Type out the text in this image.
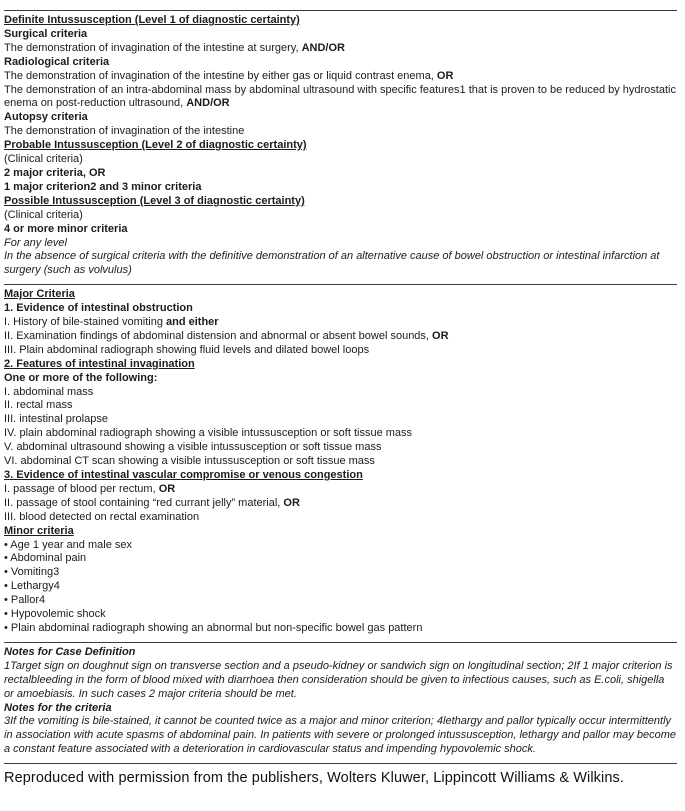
Definite Intussusception (Level 1 of diagnostic certainty)
Surgical criteria
The demonstration of invagination of the intestine at surgery, AND/OR
Radiological criteria
The demonstration of invagination of the intestine by either gas or liquid contrast enema, OR
The demonstration of an intra-abdominal mass by abdominal ultrasound with specific features1 that is proven to be reduced by hydrostatic enema on post-reduction ultrasound, AND/OR
Autopsy criteria
The demonstration of invagination of the intestine
Probable Intussusception (Level 2 of diagnostic certainty)
(Clinical criteria)
2 major criteria, OR
1 major criterion2 and 3 minor criteria
Possible Intussusception (Level 3 of diagnostic certainty)
(Clinical criteria)
4 or more minor criteria
For any level
In the absence of surgical criteria with the definitive demonstration of an alternative cause of bowel obstruction or intestinal infarction at surgery (such as volvulus)
Major Criteria
1. Evidence of intestinal obstruction
I. History of bile-stained vomiting and either
II. Examination findings of abdominal distension and abnormal or absent bowel sounds, OR
III. Plain abdominal radiograph showing fluid levels and dilated bowel loops
2. Features of intestinal invagination
One or more of the following:
I. abdominal mass
II. rectal mass
III. intestinal prolapse
IV. plain abdominal radiograph showing a visible intussusception or soft tissue mass
V. abdominal ultrasound showing a visible intussusception or soft tissue mass
VI. abdominal CT scan showing a visible intussusception or soft tissue mass
3. Evidence of intestinal vascular compromise or venous congestion
I. passage of blood per rectum, OR
II. passage of stool containing “red currant jelly” material, OR
III. blood detected on rectal examination
Minor criteria
• Age 1 year and male sex
• Abdominal pain
• Vomiting3
• Lethargy4
• Pallor4
• Hypovolemic shock
• Plain abdominal radiograph showing an abnormal but non-specific bowel gas pattern
Notes for Case Definition
1Target sign on doughnut sign on transverse section and a pseudo-kidney or sandwich sign on longitudinal section; 2If 1 major criterion is rectalbleeding in the form of blood mixed with diarrhoea then consideration should be given to infectious causes, such as E.coli, shigella or amoebiasis. In such cases 2 major criteria should be met.
Notes for the criteria
3If the vomiting is bile-stained, it cannot be counted twice as a major and minor criterion; 4lethargy and pallor typically occur intermittently in association with acute spasms of abdominal pain. In patients with severe or prolonged intussusception, lethargy and pallor may become a constant feature associated with a deterioration in cardiovascular status and impending hypovolemic shock.
Reproduced with permission from the publishers, Wolters Kluwer, Lippincott Williams & Wilkins.
